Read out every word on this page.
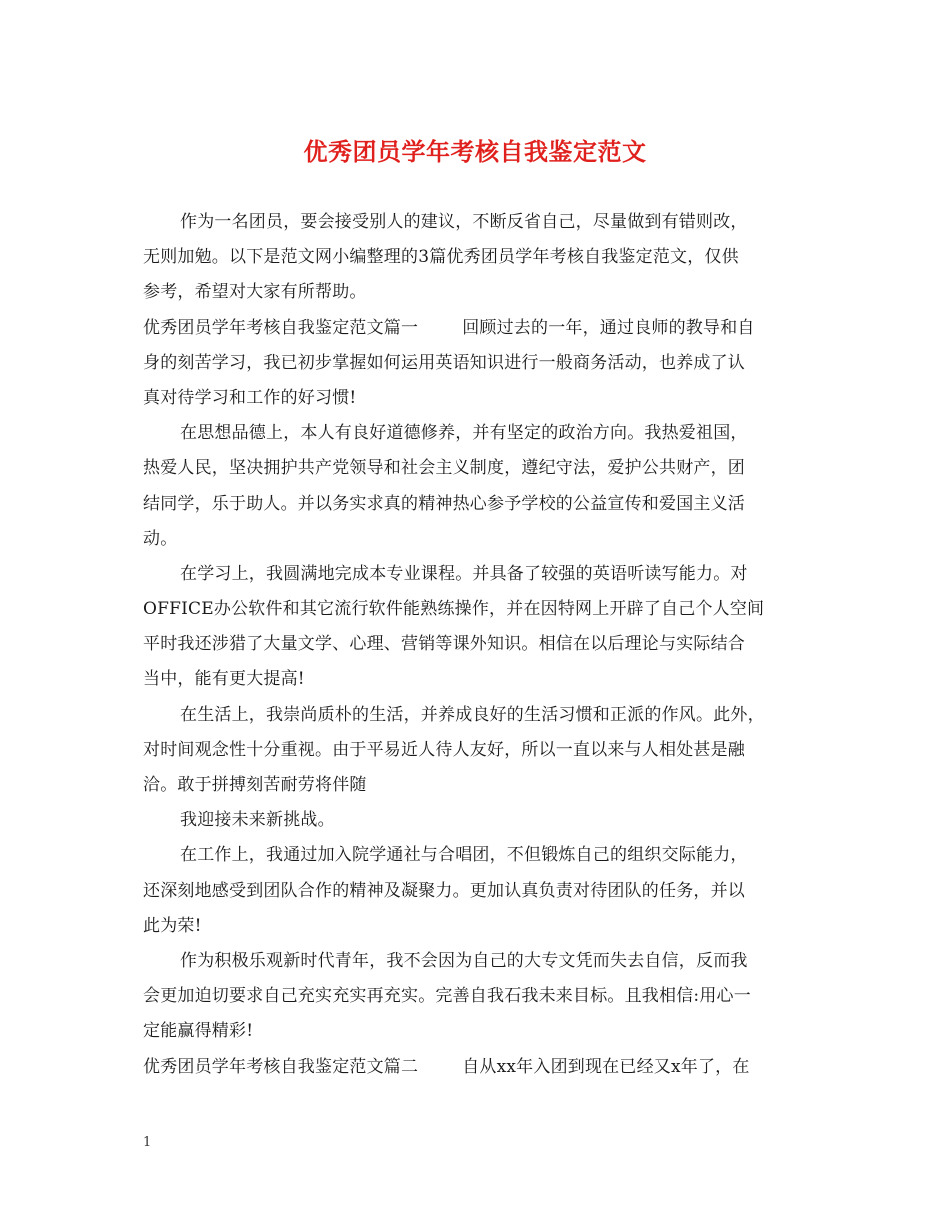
优秀团员学年考核自我鉴定范文
作为一名团员，要会接受别人的建议，不断反省自己，尽量做到有错则改，
无则加勉。以下是范文网小编整理的3篇优秀团员学年考核自我鉴定范文，仅供
参考，希望对大家有所帮助。
优秀团员学年考核自我鉴定范文篇一	回顾过去的一年，通过良师的教导和自
身的刻苦学习，我已初步掌握如何运用英语知识进行一般商务活动，也养成了认
真对待学习和工作的好习惯!
在思想品德上，本人有良好道德修养，并有坚定的政治方向。我热爱祖国，
热爱人民，坚决拥护共产党领导和社会主义制度，遵纪守法，爱护公共财产，团
结同学，乐于助人。并以务实求真的精神热心参予学校的公益宣传和爱国主义活
动。
在学习上，我圆满地完成本专业课程。并具备了较强的英语听读写能力。对
OFFICE办公软件和其它流行软件能熟练操作，并在因特网上开辟了自己个人空间
平时我还涉猎了大量文学、心理、营销等课外知识。相信在以后理论与实际结合
当中，能有更大提高!
在生活上，我崇尚质朴的生活，并养成良好的生活习惯和正派的作风。此外，
对时间观念性十分重视。由于平易近人待人友好，所以一直以来与人相处甚是融
洽。敢于拼搏刻苦耐劳将伴随
我迎接未来新挑战。
在工作上，我通过加入院学通社与合唱团，不但锻炼自己的组织交际能力，
还深刻地感受到团队合作的精神及凝聚力。更加认真负责对待团队的任务，并以
此为荣!
作为积极乐观新时代青年，我不会因为自己的大专文凭而失去自信，反而我
会更加迫切要求自己充实充实再充实。完善自我石我未来目标。且我相信:用心一
定能赢得精彩!
优秀团员学年考核自我鉴定范文篇二	自从xx年入团到现在已经又x年了，在
1
